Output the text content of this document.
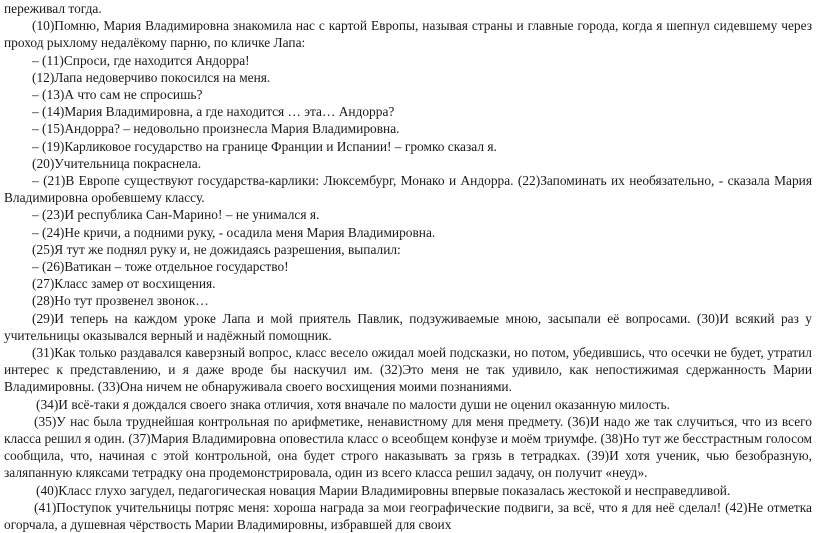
переживал тогда.

(10)Помню, Мария Владимировна знакомила нас с картой Европы, называя страны и главные города, когда я шепнул сидевшему через проход рыхлому недалёкому парню, по кличке Лапа:

– (11)Спроси, где находится Андорра!

(12)Лапа недоверчиво покосился на меня.

– (13)А что сам не спросишь?

– (14)Мария Владимировна, а где находится … эта… Андорра?

– (15)Андорра? – недовольно произнесла Мария Владимировна.

– (19)Карликовое государство на границе Франции и Испании! – громко сказал я.

(20)Учительница покраснела.

– (21)В Европе существуют государства-карлики: Люксембург, Монако и Андорра. (22)Запоминать их необязательно, - сказала Мария Владимировна оробевшему классу.

– (23)И республика Сан-Марино! – не унимался я.

– (24)Не кричи, а подними руку, - осадила меня Мария Владимировна.

(25)Я тут же поднял руку и, не дожидаясь разрешения, выпалил:

– (26)Ватикан – тоже отдельное государство!

(27)Класс замер от восхищения.

(28)Но тут прозвенел звонок…

(29)И теперь на каждом уроке Лапа и мой приятель Павлик, подзуживаемые мною, засыпали её вопросами. (30)И всякий раз у учительницы оказывался верный и надёжный помощник.

(31)Как только раздавался каверзный вопрос, класс весело ожидал моей подсказки, но потом, убедившись, что осечки не будет, утратил интерес к представлению, и я даже вроде бы наскучил им. (32)Это меня не так удивило, как непостижимая сдержанность Марии Владимировны. (33)Она ничем не обнаруживала своего восхищения моими познаниями.

(34)И всё-таки я дождался своего знака отличия, хотя вначале по малости души не оценил оказанную милость.

(35)У нас была труднейшая контрольная по арифметике, ненавистному для меня предмету. (36)И надо же так случиться, что из всего класса решил я один. (37)Мария Владимировна оповестила класс о всеобщем конфузе и моём триумфе. (38)Но тут же бесстрастным голосом сообщила, что, начиная с этой контрольной, она будет строго наказывать за грязь в тетрадках. (39)И хотя ученик, чью безобразную, заляпанную кляксами тетрадку она продемонстрировала, один из всего класса решил задачу, он получит «неуд».

(40)Класс глухо загудел, педагогическая новация Марии Владимировны впервые показалась жестокой и несправедливой.

(41)Поступок учительницы потряс меня: хороша награда за мои географические подвиги, за всё, что я для неё сделал! (42)Не отметка огорчала, а душевная чёрствость Марии Владимировны, избравшей для своих
